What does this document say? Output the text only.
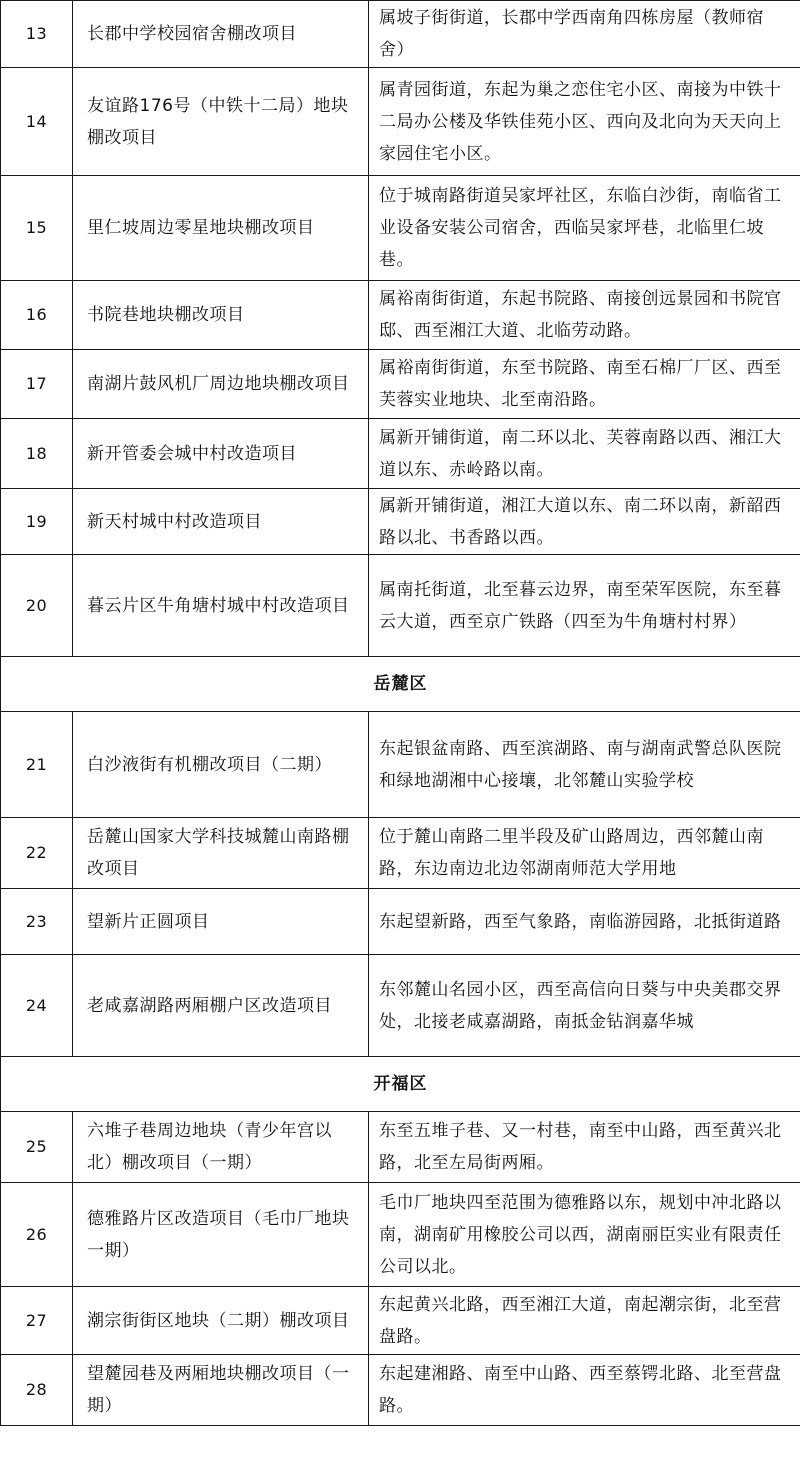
13	长郡中学校园宿舍棚改项目	属坡子街街道，长郡中学西南角四栋房屋（教师宿舍）
14	友谊路176号（中铁十二局）地块棚改项目	属青园街道，东起为巢之恋住宅小区、南接为中铁十二局办公楼及华铁佳苑小区、西向及北向为天天向上家园住宅小区。
15	里仁坡周边零星地块棚改项目	位于城南路街道吴家坪社区，东临白沙街，南临省工业设备安装公司宿舍，西临吴家坪巷，北临里仁坡巷。
16	书院巷地块棚改项目	属裕南街街道，东起书院路、南接创远景园和书院官邸、西至湘江大道、北临劳动路。
17	南湖片鼓风机厂周边地块棚改项目	属裕南街街道，东至书院路、南至石棉厂厂区、西至芙蓉实业地块、北至南沿路。
18	新开管委会城中村改造项目	属新开铺街道，南二环以北、芙蓉南路以西、湘江大道以东、赤岭路以南。
19	新天村城中村改造项目	属新开铺街道，湘江大道以东、南二环以南，新韶西路以北、书香路以西。
20	暮云片区牛角塘村城中村改造项目	属南托街道，北至暮云边界，南至荣军医院，东至暮云大道，西至京广铁路（四至为牛角塘村村界）
岳麓区		
21	白沙液街有机棚改项目（二期）	东起银盆南路、西至滨湖路、南与湖南武警总队医院和绿地湖湘中心接壤，北邻麓山实验学校
22	岳麓山国家大学科技城麓山南路棚改项目	位于麓山南路二里半段及矿山路周边，西邻麓山南路，东边南边北边邻湖南师范大学用地
23	望新片正圆项目	东起望新路，西至气象路，南临游园路，北抵街道路
24	老咸嘉湖路两厢棚户区改造项目	东邻麓山名园小区，西至高信向日葵与中央美郡交界处，北接老咸嘉湖路，南抵金钻润嘉华城
开福区		
25	六堆子巷周边地块（青少年宫以北）棚改项目（一期）	东至五堆子巷、又一村巷，南至中山路，西至黄兴北路，北至左局街两厢。
26	德雅路片区改造项目（毛巾厂地块一期）	毛巾厂地块四至范围为德雅路以东，规划中冲北路以南，湖南矿用橡胶公司以西，湖南丽臣实业有限责任公司以北。
27	潮宗街街区地块（二期）棚改项目	东起黄兴北路，西至湘江大道，南起潮宗街，北至营盘路。
28	望麓园巷及两厢地块棚改项目（一期）	东起建湘路、南至中山路、西至蔡锷北路、北至营盘路。
